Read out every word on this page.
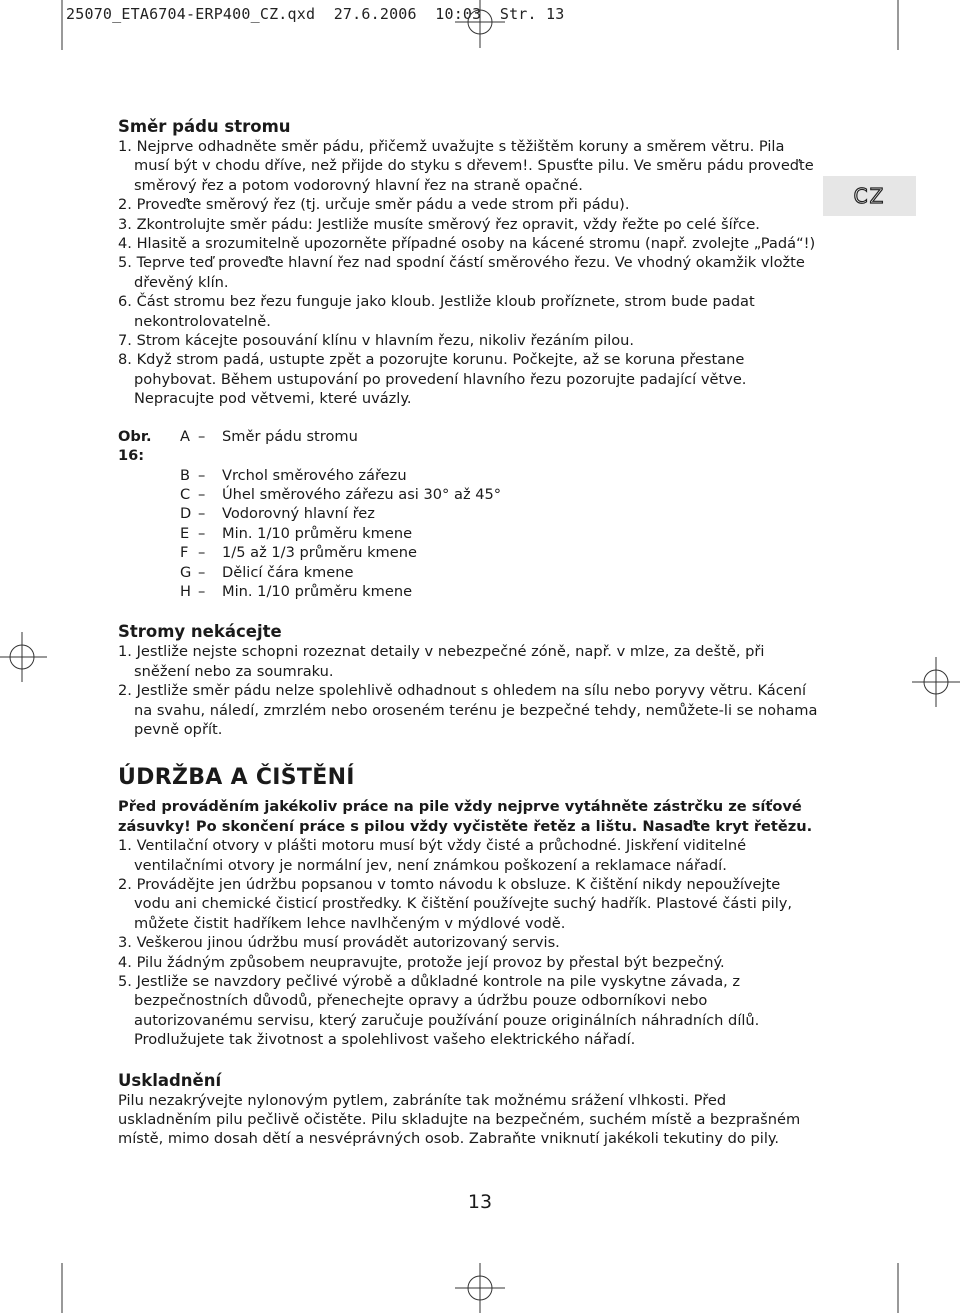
25070_ETA6704-ERP400_CZ.qxd  27.6.2006  10:03  Str. 13
CZ
Směr pádu stromu

1. Nejprve odhadněte směr pádu, přičemž uvažujte s těžištěm koruny a směrem větru. Pila musí být v chodu dříve, než přijde do styku s dřevem!. Spusťte pilu. Ve směru pádu proveďte směrový řez a potom vodorovný hlavní řez na straně opačné.

2. Proveďte směrový řez (tj. určuje směr pádu a vede strom při pádu).

3. Zkontrolujte směr pádu: Jestliže musíte směrový řez opravit, vždy řežte po celé šířce.

4. Hlasitě a srozumitelně upozorněte případné osoby na kácené stromu (např. zvolejte „Padá“!)

5. Teprve teď proveďte hlavní řez nad spodní částí směrového řezu. Ve vhodný okamžik vložte dřevěný klín.

6. Část stromu bez řezu funguje jako kloub. Jestliže kloub proříznete, strom bude padat nekontrolovatelně.

7. Strom kácejte posouvání klínu v hlavním řezu, nikoliv řezáním pilou.

8. Když strom padá, ustupte zpět a pozorujte korunu. Počkejte, až se koruna přestane pohybovat. Během ustupování po provedení hlavního řezu pozorujte padající větve. Nepracujte pod větvemi, které uvázly.

Obr. 16:
A –	Směr pádu stromu
B –	Vrchol směrového zářezu
C –	Úhel směrového zářezu asi 30° až 45°
D –	Vodorovný hlavní řez
E –	Min. 1/10 průměru kmene
F –	1/5 až 1/3 průměru kmene
G –	Dělicí čára kmene
H –	Min. 1/10 průměru kmene
Stromy nekácejte

1. Jestliže nejste schopni rozeznat detaily v nebezpečné zóně, např. v mlze, za deště, při sněžení nebo za soumraku.

2. Jestliže směr pádu nelze spolehlivě odhadnout s ohledem na sílu nebo poryvy větru. Kácení na svahu, náledí, zmrzlém nebo oroseném terénu je bezpečné tehdy, nemůžete-li se nohama pevně opřít.

ÚDRŽBA A ČIŠTĚNÍ

Před prováděním jakékoliv práce na pile vždy nejprve vytáhněte zástrčku ze síťové zásuvky! Po skončení práce s pilou vždy vyčistěte řetěz a lištu. Nasaďte kryt řetězu.

1. Ventilační otvory v plášti motoru musí být vždy čisté a průchodné. Jiskření viditelné ventilačními otvory je normální jev, není známkou poškození a reklamace nářadí.

2. Provádějte jen údržbu popsanou v tomto návodu k obsluze. K čištění nikdy nepoužívejte vodu ani chemické čisticí prostředky. K čištění používejte suchý hadřík. Plastové části pily, můžete čistit hadříkem lehce navlhčeným v mýdlové vodě.

3. Veškerou jinou údržbu musí provádět autorizovaný servis.

4. Pilu žádným způsobem neupravujte, protože její provoz by přestal být bezpečný.

5. Jestliže se navzdory pečlivé výrobě a důkladné kontrole na pile vyskytne závada, z bezpečnostních důvodů, přenechejte opravy a údržbu pouze odborníkovi nebo autorizovanému servisu, který zaručuje používání pouze originálních náhradních dílů. Prodlužujete tak životnost a spolehlivost vašeho elektrického nářadí.

Uskladnění

Pilu nezakrývejte nylonovým pytlem, zabráníte tak možnému srážení vlhkosti. Před uskladněním pilu pečlivě očistěte. Pilu skladujte na bezpečném, suchém místě a bezprašném místě, mimo dosah dětí a nesvéprávných osob. Zabraňte vniknutí jakékoli tekutiny do pily.

13
